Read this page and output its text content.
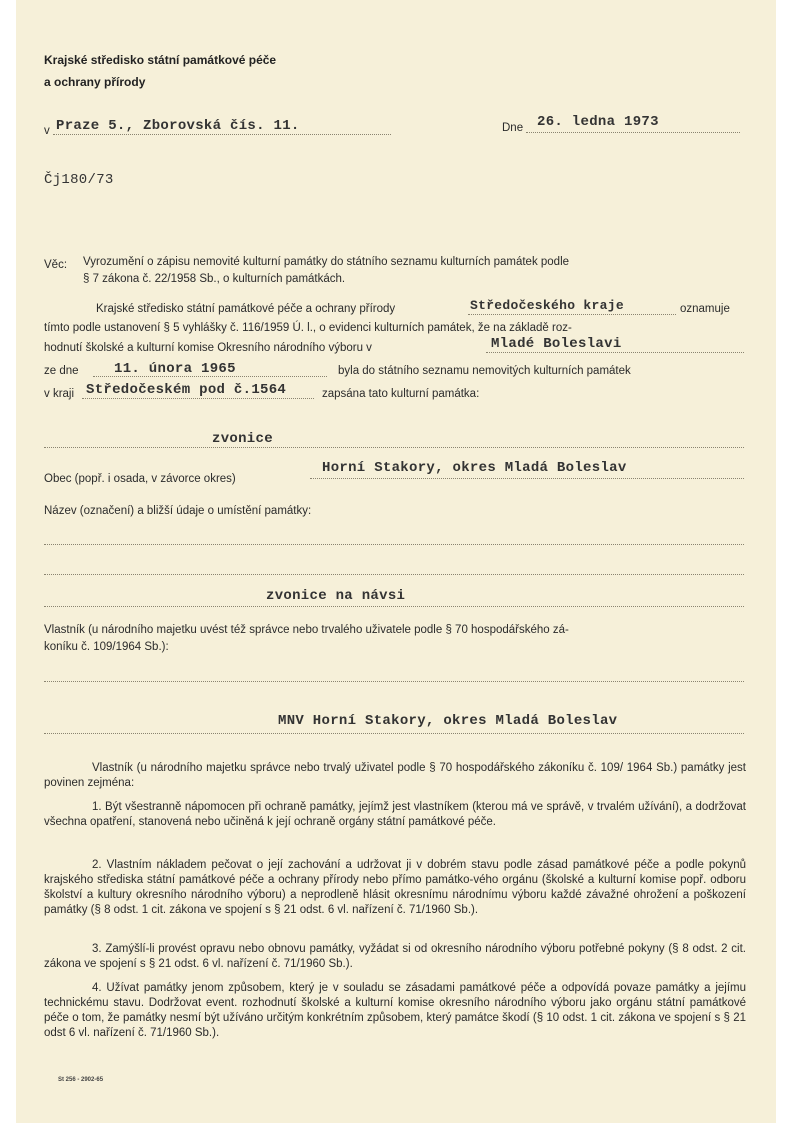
Krajské středisko státní památkové péče
a ochrany přírody
v Praze 5., Zborovská čís. 11.	Dne 26. ledna 1973
Čj180/73
Věc: Vyrozumění o zápisu nemovité kulturní památky do státního seznamu kulturních památek podle
§ 7 zákona č. 22/1958 Sb., o kulturních památkách.
Krajské středisko státní památkové péče a ochrany přírody	Středočeského kraje	oznamuje
tímto podle ustanovení § 5 vyhlášky č. 116/1959 Ú. l., o evidenci kulturních památek, že na základě roz-
hodnutí školské a kulturní komise Okresního národního výboru v	Mladé Boleslavi
ze dne	11. února 1965	byla do státního seznamu nemovitých kulturních památek
v kraji Středočeském pod č.1564	zapsána tato kulturní památka:
zvonice
Obec (popř. i osada, v závorce okres)
Horní Stakory, okres Mladá Boleslav
Název (označení) a bližší údaje o umístění památky:
zvonice na návsi
Vlastník (u národního majetku uvést též správce nebo trvalého uživatele podle § 70 hospodářského zá-
koníku č. 109/1964 Sb.):
MNV Horní Stakory, okres Mladá Boleslav
Vlastník (u národního majetku správce nebo trvalý uživatel podle § 70 hospodářského zákoníku č. 109/ 1964 Sb.) památky jest povinen zejména:
1. Být všestranně nápomocen při ochraně památky, jejímž jest vlastníkem (kterou má ve správě, v trvalém užívání), a dodržovat všechna opatření, stanovená nebo učiněná k její ochraně orgány státní památkové péče.
2. Vlastním nákladem pečovat o její zachování a udržovat ji v dobrém stavu podle zásad památkové péče a podle pokynů krajského střediska státní památkové péče a ochrany přírody nebo přímo památko-vého orgánu (školské a kulturní komise popř. odboru školství a kultury okresního národního výboru) a neprodleně hlásit okresnímu národnímu výboru každé závažné ohrožení a poškození památky (§ 8 odst. 1 cit. zákona ve spojení s § 21 odst. 6 vl. nařízení č. 71/1960 Sb.).
3. Zamýšlí-li provést opravu nebo obnovu památky, vyžádat si od okresního národního výboru potřebné pokyny (§ 8 odst. 2 cit. zákona ve spojení s § 21 odst. 6 vl. nařízení č. 71/1960 Sb.).
4. Užívat památky jenom způsobem, který je v souladu se zásadami památkové péče a odpovídá povaze památky a jejímu technickému stavu. Dodržovat event. rozhodnutí školské a kulturní komise okresního národního výboru jako orgánu státní památkové péče o tom, že památky nesmí být užíváno určitým konkrétním způsobem, který památce škodí (§ 10 odst. 1 cit. zákona ve spojení s § 21 odst 6 vl. nařízení č. 71/1960 Sb.).
St 256 - 2902-65
